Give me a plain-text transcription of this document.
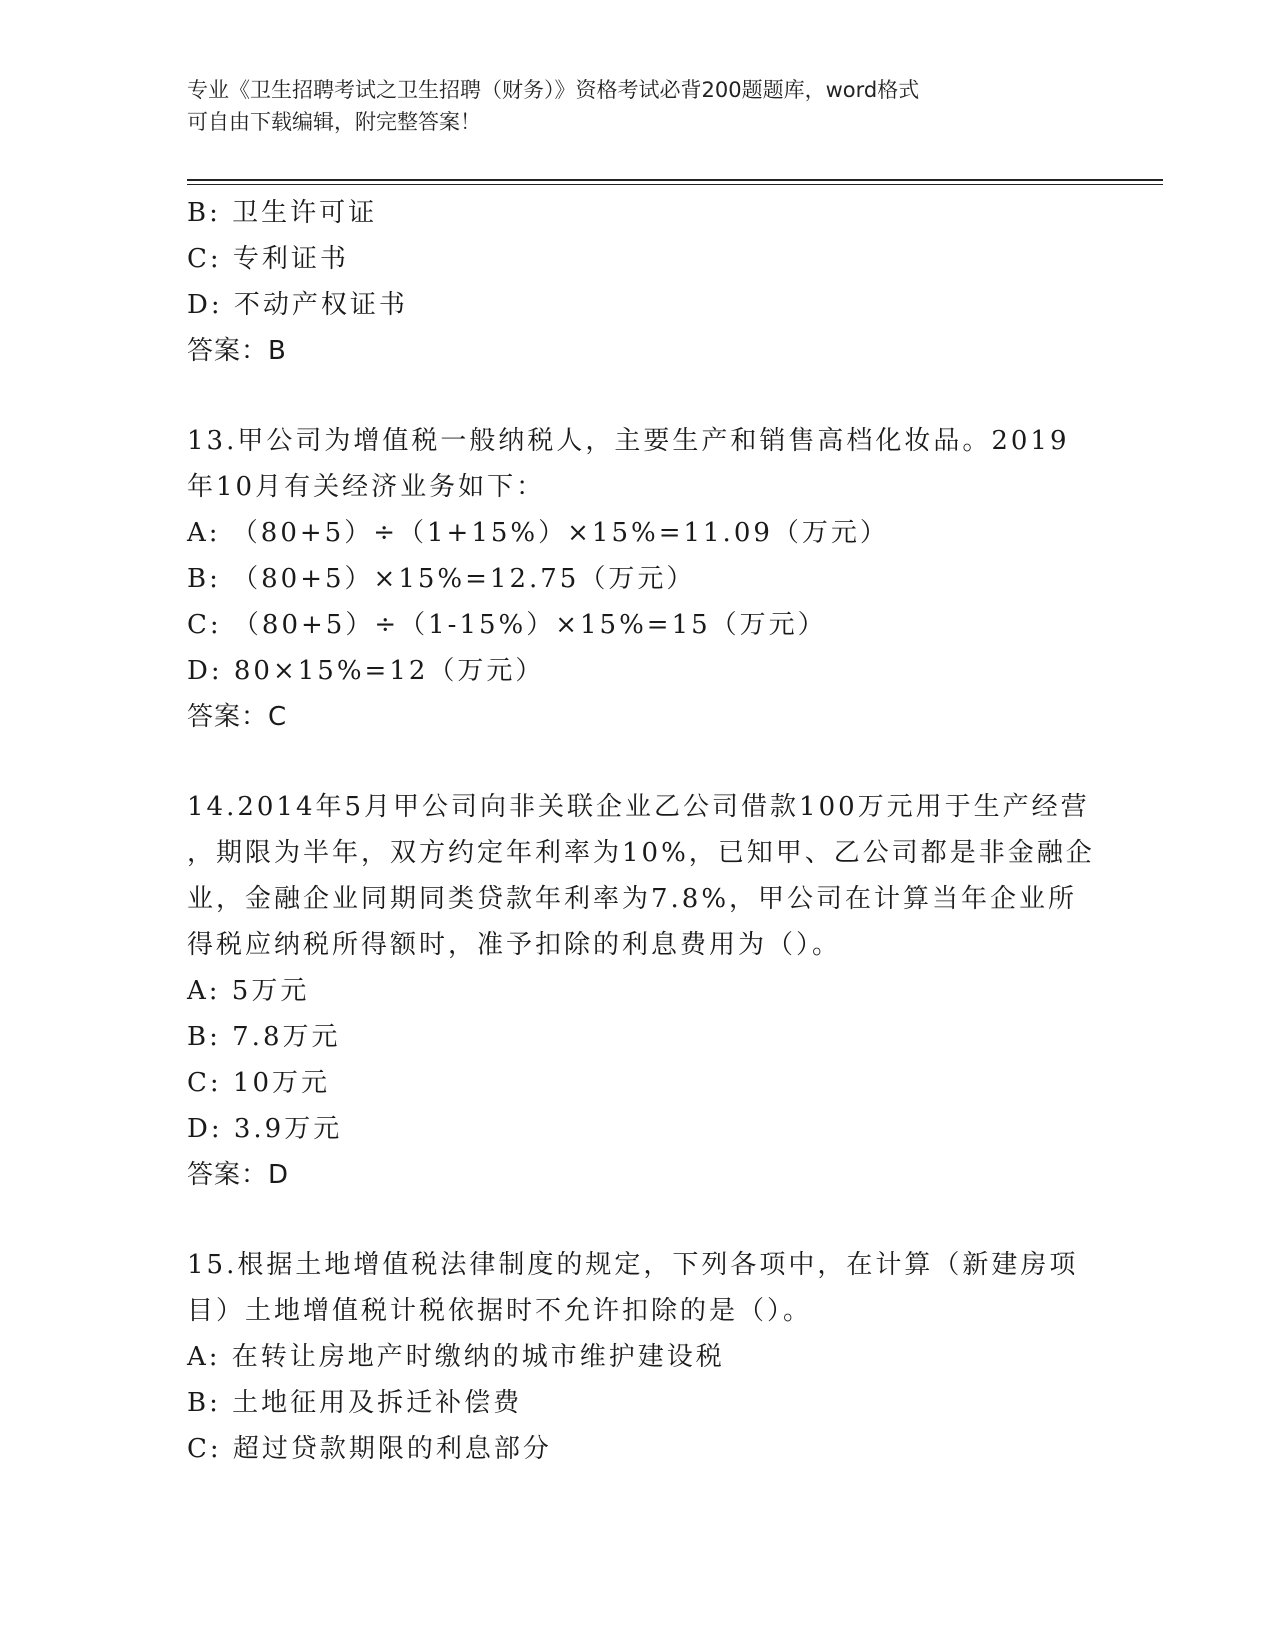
专业《卫生招聘考试之卫生招聘（财务）》资格考试必背200题题库，word格式
可自由下载编辑，附完整答案！
B: 卫生许可证
C: 专利证书
D: 不动产权证书
答案：B
13.甲公司为增值税一般纳税人，主要生产和销售高档化妆品。2019
年10月有关经济业务如下：
A: （80+5）÷（1+15%）×15%=11.09（万元）
B: （80+5）×15%=12.75（万元）
C: （80+5）÷（1-15%）×15%=15（万元）
D: 80×15%=12（万元）
答案：C
14.2014年5月甲公司向非关联企业乙公司借款100万元用于生产经营
，期限为半年，双方约定年利率为10%，已知甲、乙公司都是非金融企
业，金融企业同期同类贷款年利率为7.8%，甲公司在计算当年企业所
得税应纳税所得额时，准予扣除的利息费用为（）。
A: 5万元
B: 7.8万元
C: 10万元
D: 3.9万元
答案：D
15.根据土地增值税法律制度的规定，下列各项中，在计算（新建房项
目）土地增值税计税依据时不允许扣除的是（）。
A: 在转让房地产时缴纳的城市维护建设税
B: 土地征用及拆迁补偿费
C: 超过贷款期限的利息部分
